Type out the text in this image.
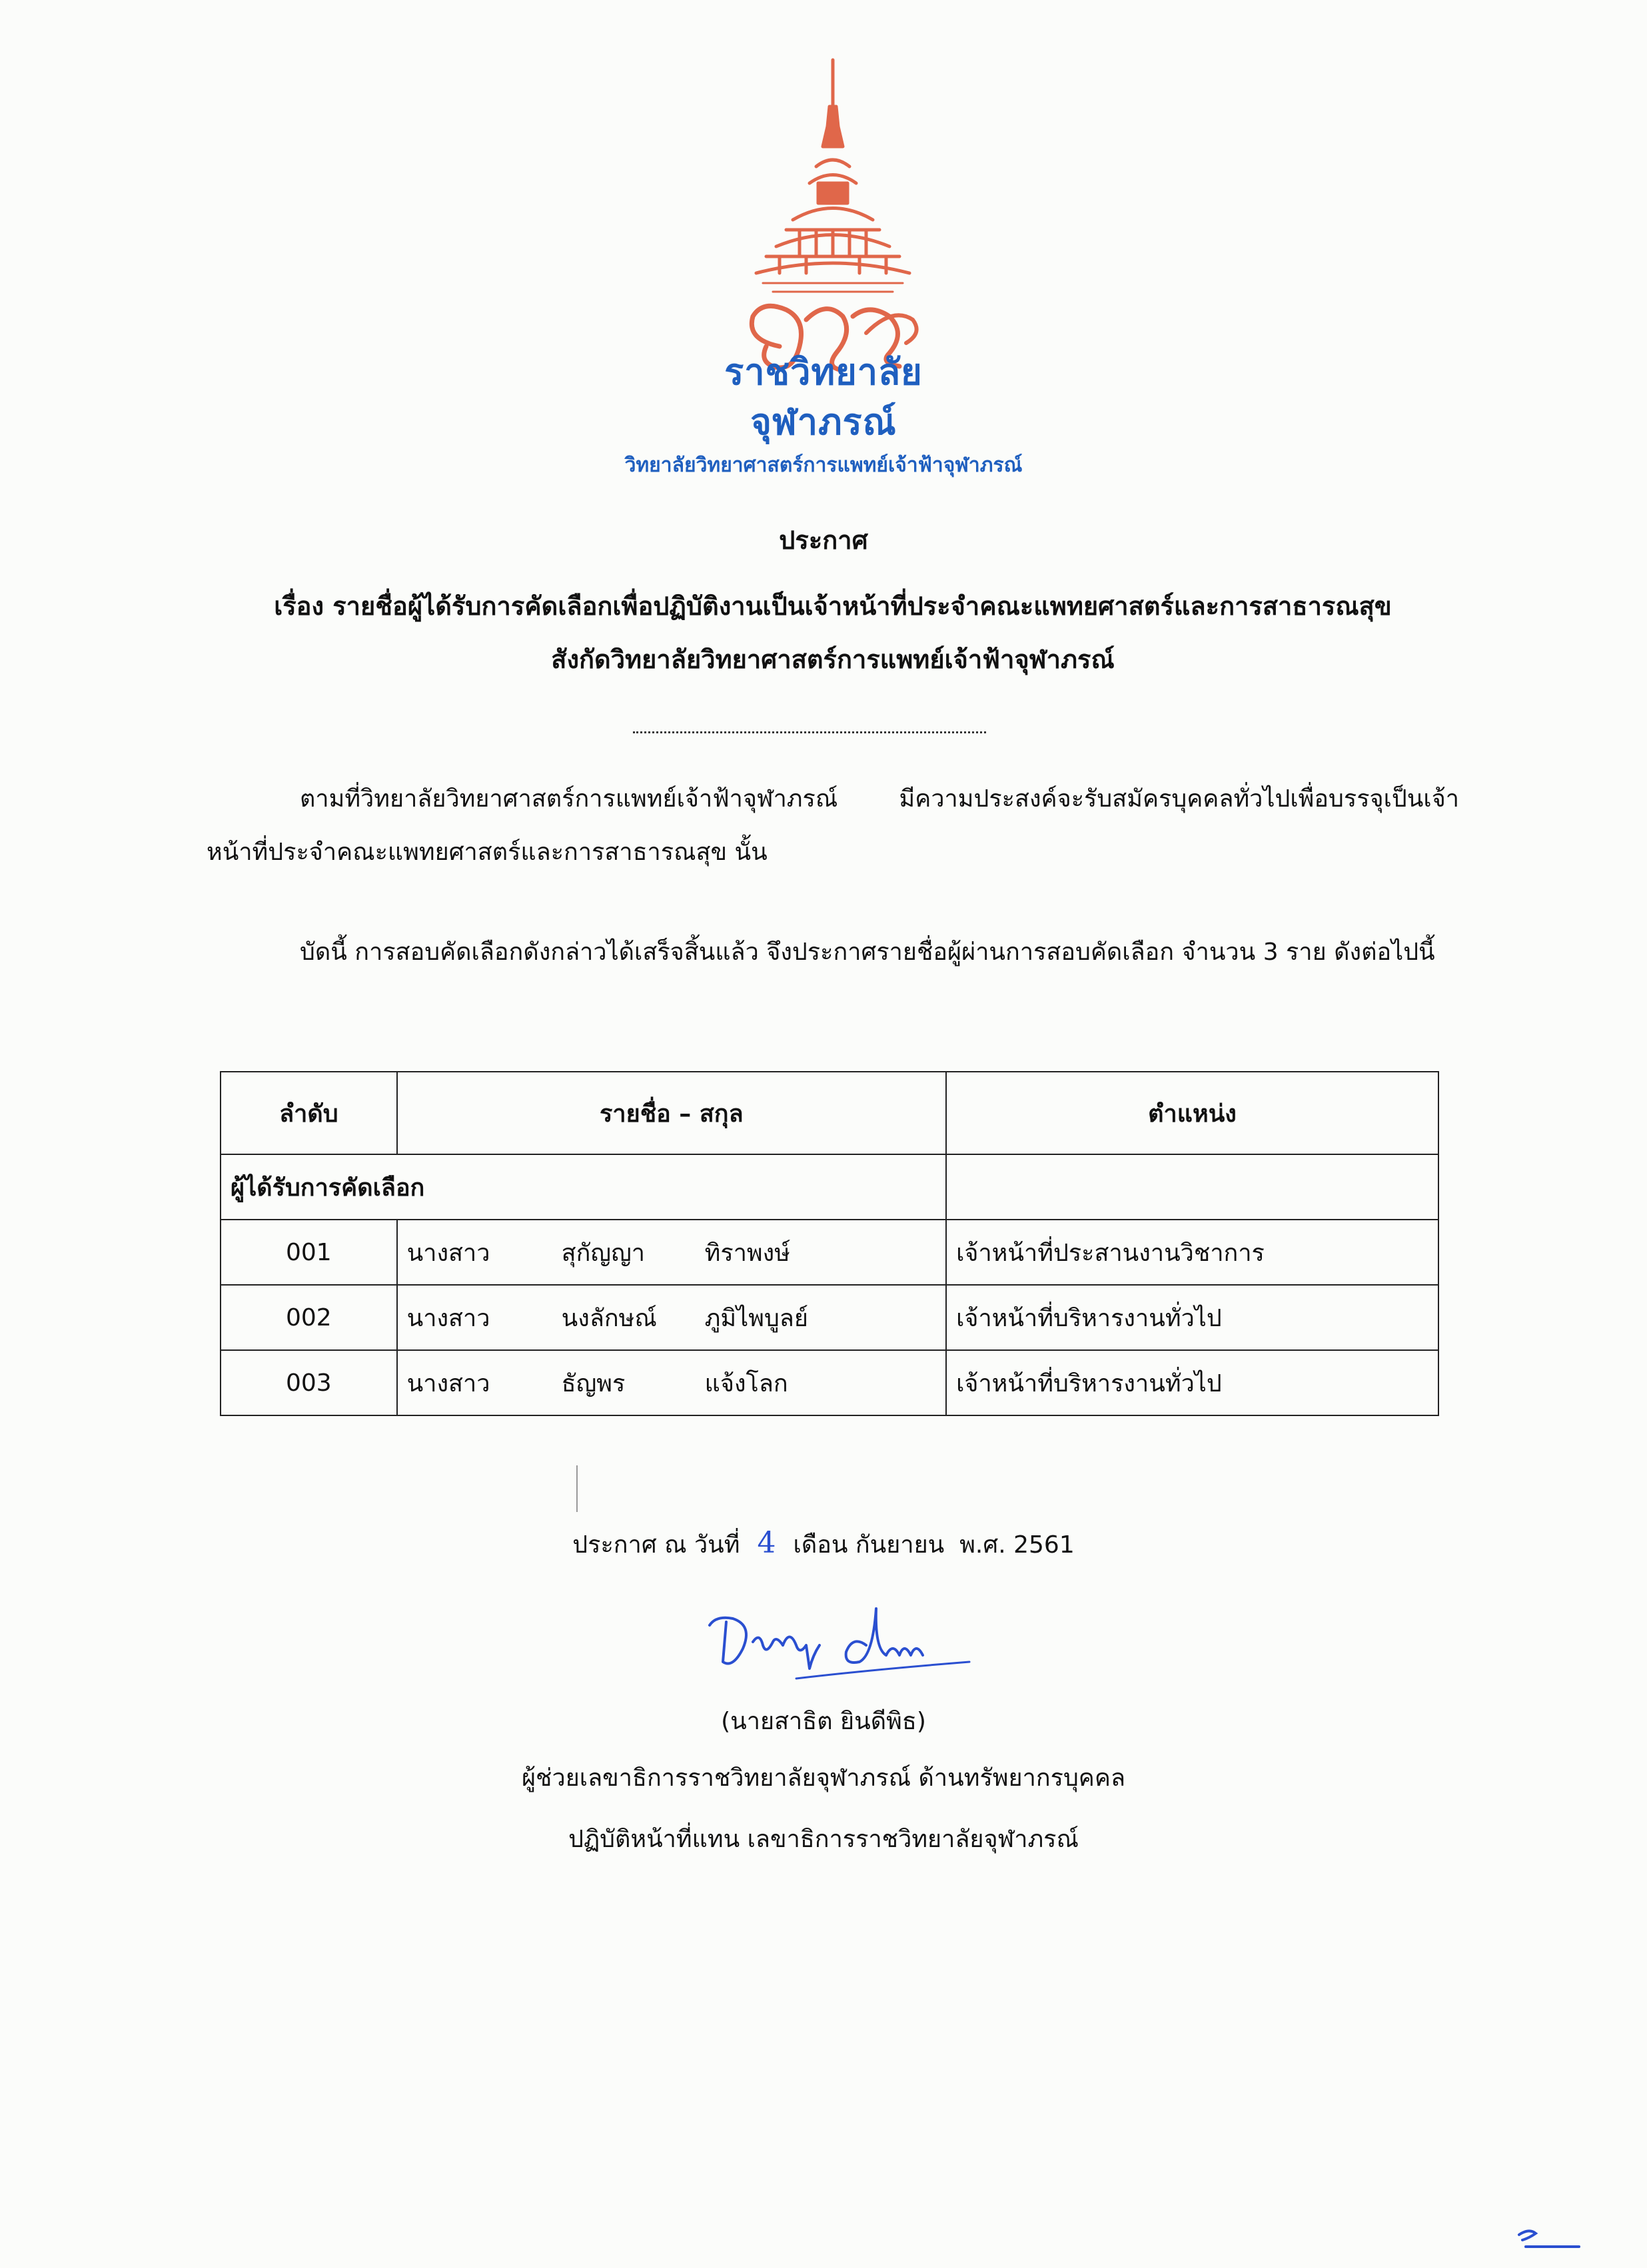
ราชวิทยาลัย
จุฬาภรณ์
วิทยาลัยวิทยาศาสตร์การแพทย์เจ้าฟ้าจุฬาภรณ์
ประกาศ
เรื่อง รายชื่อผู้ได้รับการคัดเลือกเพื่อปฏิบัติงานเป็นเจ้าหน้าที่ประจำคณะแพทยศาสตร์และการสาธารณสุข
สังกัดวิทยาลัยวิทยาศาสตร์การแพทย์เจ้าฟ้าจุฬาภรณ์
ตามที่วิทยาลัยวิทยาศาสตร์การแพทย์เจ้าฟ้าจุฬาภรณ์ มีความประสงค์จะรับสมัครบุคคลทั่วไปเพื่อบรรจุเป็นเจ้าหน้าที่ประจำคณะแพทยศาสตร์และการสาธารณสุข นั้น
บัดนี้ การสอบคัดเลือกดังกล่าวได้เสร็จสิ้นแล้ว จึงประกาศรายชื่อผู้ผ่านการสอบคัดเลือก จำนวน 3 ราย ดังต่อไปนี้
ลำดับ	รายชื่อ – สกุล	ตำแหน่ง
ผู้ได้รับการคัดเลือก		
001	นางสาว สุกัญญา ทิราพงษ์	เจ้าหน้าที่ประสานงานวิชาการ
002	นางสาว นงลักษณ์ ภูมิไพบูลย์	เจ้าหน้าที่บริหารงานทั่วไป
003	นางสาว ธัญพร แจ้งโลก	เจ้าหน้าที่บริหารงานทั่วไป
ประกาศ ณ วันที่ 4 เดือน กันยายน พ.ศ. 2561
(นายสาธิต ยินดีพิธ)
ผู้ช่วยเลขาธิการราชวิทยาลัยจุฬาภรณ์ ด้านทรัพยากรบุคคล
ปฏิบัติหน้าที่แทน เลขาธิการราชวิทยาลัยจุฬาภรณ์
